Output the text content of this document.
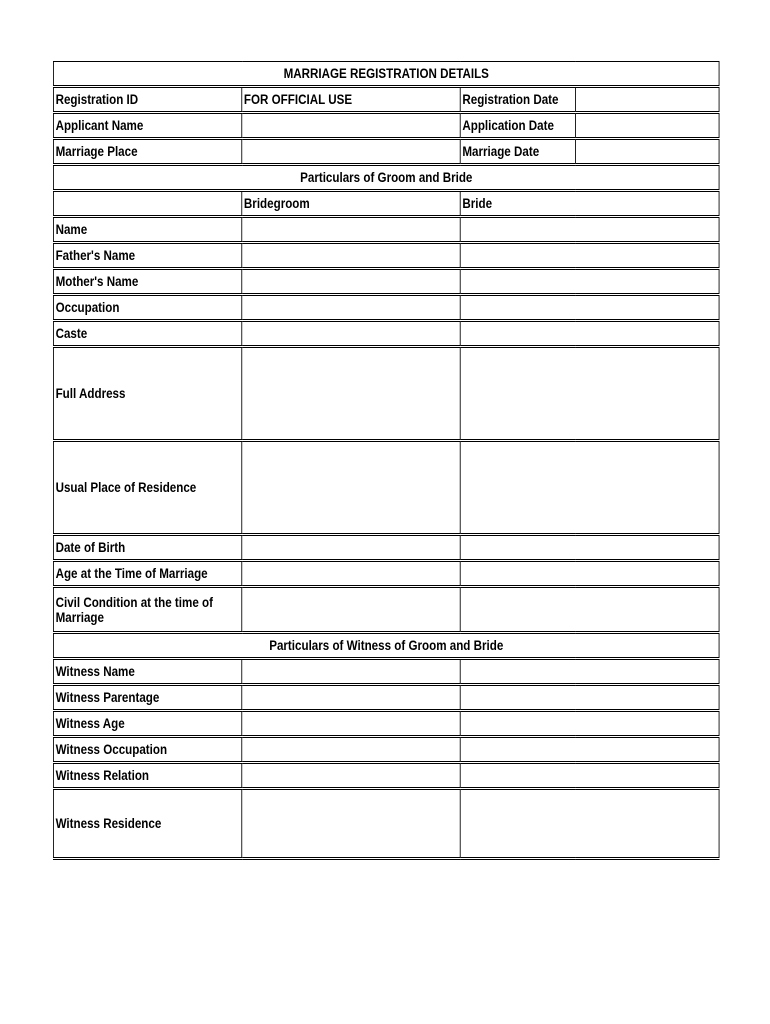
MARRIAGE REGISTRATION DETAILS			
Registration ID	FOR OFFICIAL USE	Registration Date	
Applicant Name		Application Date	
Marriage Place		Marriage Date	
Particulars of Groom and Bride			
	Bridegroom	Bride	
Name			
Father's Name			
Mother's Name			
Occupation			
Caste			
Full Address			
Usual Place of Residence			
Date of Birth			
Age at the Time of Marriage			
Civil Condition at the time of Marriage			
Particulars of Witness of Groom and Bride			
Witness Name			
Witness Parentage			
Witness Age			
Witness Occupation			
Witness Relation			
Witness Residence			
